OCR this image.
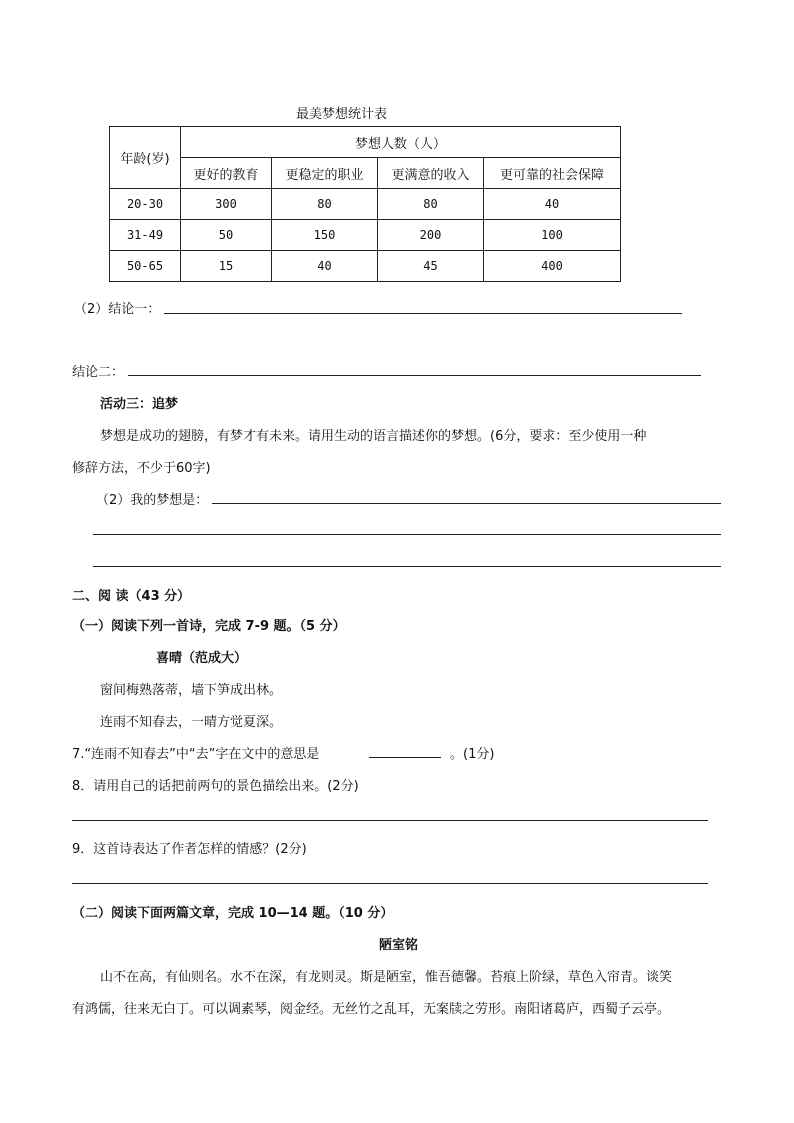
最美梦想统计表
年龄(岁)	梦想人数（人）			
	更好的教育	更稳定的职业	更满意的收入	更可靠的社会保障
20-30	300	80	80	40
31-49	50	150	200	100
50-65	15	40	45	400
（2）结论一：
结论二：
活动三：追梦
梦想是成功的翅膀，有梦才有未来。请用生动的语言描述你的梦想。(6分，要求：至少使用一种
修辞方法，不少于60字)
（2）我的梦想是：
二、阅 读（43 分）
（一）阅读下列一首诗，完成 7-9 题。（5 分）
喜晴（范成大）
窗间梅熟落蒂，墙下笋成出林。
连雨不知春去，一晴方觉夏深。
7.“连雨不知春去”中“去”字在文中的意思是	。(1分)
8．请用自己的话把前两句的景色描绘出来。(2分)
9．这首诗表达了作者怎样的情感？(2分)
（二）阅读下面两篇文章，完成 10—14 题。（10 分）
陋室铭
山不在高，有仙则名。水不在深，有龙则灵。斯是陋室，惟吾德馨。苔痕上阶绿，草色入帘青。谈笑
有鸿儒，往来无白丁。可以调素琴，阅金经。无丝竹之乱耳，无案牍之劳形。南阳诸葛庐，西蜀子云亭。
